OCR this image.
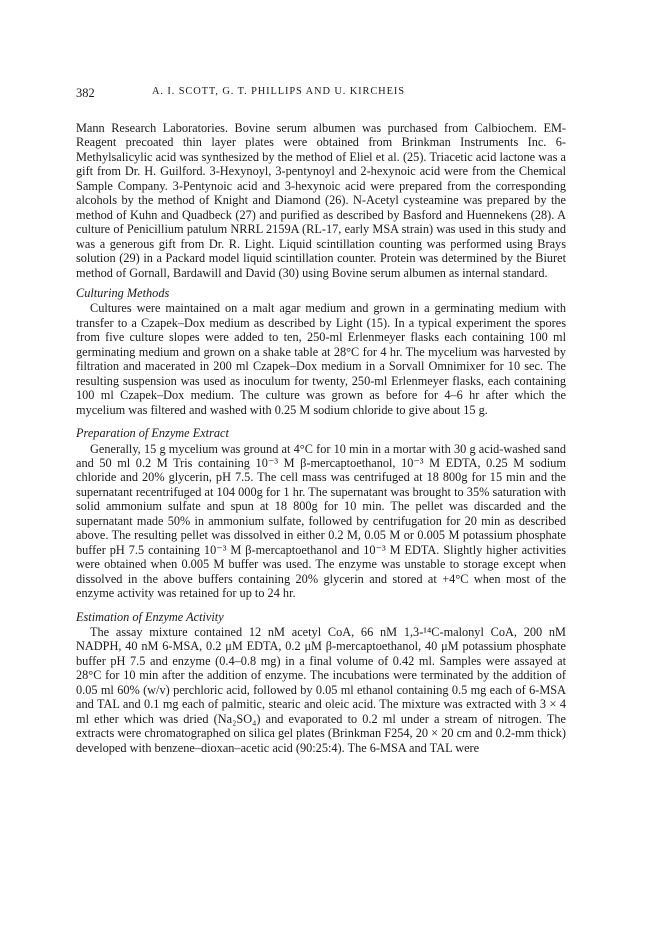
382	A. I. SCOTT, G. T. PHILLIPS AND U. KIRCHEIS

Mann Research Laboratories. Bovine serum albumen was purchased from Calbiochem. EM-Reagent precoated thin layer plates were obtained from Brinkman Instruments Inc. 6-Methylsalicylic acid was synthesized by the method of Eliel et al. (25). Triacetic acid lactone was a gift from Dr. H. Guilford. 3-Hexynoyl, 3-pentynoyl and 2-hexynoic acid were from the Chemical Sample Company. 3-Pentynoic acid and 3-hexynoic acid were prepared from the corresponding alcohols by the method of Knight and Diamond (26). N-Acetyl cysteamine was prepared by the method of Kuhn and Quadbeck (27) and purified as described by Basford and Huennekens (28). A culture of Penicillium patulum NRRL 2159A (RL-17, early MSA strain) was used in this study and was a generous gift from Dr. R. Light. Liquid scintillation counting was performed using Brays solution (29) in a Packard model liquid scintillation counter. Protein was determined by the Biuret method of Gornall, Bardawill and David (30) using Bovine serum albumen as internal standard.

Culturing Methods

Cultures were maintained on a malt agar medium and grown in a germinating medium with transfer to a Czapek–Dox medium as described by Light (15). In a typical experiment the spores from five culture slopes were added to ten, 250-ml Erlenmeyer flasks each containing 100 ml germinating medium and grown on a shake table at 28°C for 4 hr. The mycelium was harvested by filtration and macerated in 200 ml Czapek–Dox medium in a Sorvall Omnimixer for 10 sec. The resulting suspension was used as inoculum for twenty, 250-ml Erlenmeyer flasks, each containing 100 ml Czapek–Dox medium. The culture was grown as before for 4–6 hr after which the mycelium was filtered and washed with 0.25 M sodium chloride to give about 15 g.

Preparation of Enzyme Extract

Generally, 15 g mycelium was ground at 4°C for 10 min in a mortar with 30 g acid-washed sand and 50 ml 0.2 M Tris containing 10⁻³ M β-mercaptoethanol, 10⁻³ M EDTA, 0.25 M sodium chloride and 20% glycerin, pH 7.5. The cell mass was centrifuged at 18 800g for 15 min and the supernatant recentrifuged at 104 000g for 1 hr. The supernatant was brought to 35% saturation with solid ammonium sulfate and spun at 18 800g for 10 min. The pellet was discarded and the supernatant made 50% in ammonium sulfate, followed by centrifugation for 20 min as described above. The resulting pellet was dissolved in either 0.2 M, 0.05 M or 0.005 M potassium phosphate buffer pH 7.5 containing 10⁻³ M β-mercaptoethanol and 10⁻³ M EDTA. Slightly higher activities were obtained when 0.005 M buffer was used. The enzyme was unstable to storage except when dissolved in the above buffers containing 20% glycerin and stored at +4°C when most of the enzyme activity was retained for up to 24 hr.

Estimation of Enzyme Activity

The assay mixture contained 12 nM acetyl CoA, 66 nM 1,3-¹⁴C-malonyl CoA, 200 nM NADPH, 40 nM 6-MSA, 0.2 μM EDTA, 0.2 μM β-mercaptoethanol, 40 μM potassium phosphate buffer pH 7.5 and enzyme (0.4–0.8 mg) in a final volume of 0.42 ml. Samples were assayed at 28°C for 10 min after the addition of enzyme. The incubations were terminated by the addition of 0.05 ml 60% (w/v) perchloric acid, followed by 0.05 ml ethanol containing 0.5 mg each of 6-MSA and TAL and 0.1 mg each of palmitic, stearic and oleic acid. The mixture was extracted with 3 × 4 ml ether which was dried (Na₂SO₄) and evaporated to 0.2 ml under a stream of nitrogen. The extracts were chromatographed on silica gel plates (Brinkman F254, 20 × 20 cm and 0.2-mm thick) developed with benzene–dioxan–acetic acid (90:25:4). The 6-MSA and TAL were
